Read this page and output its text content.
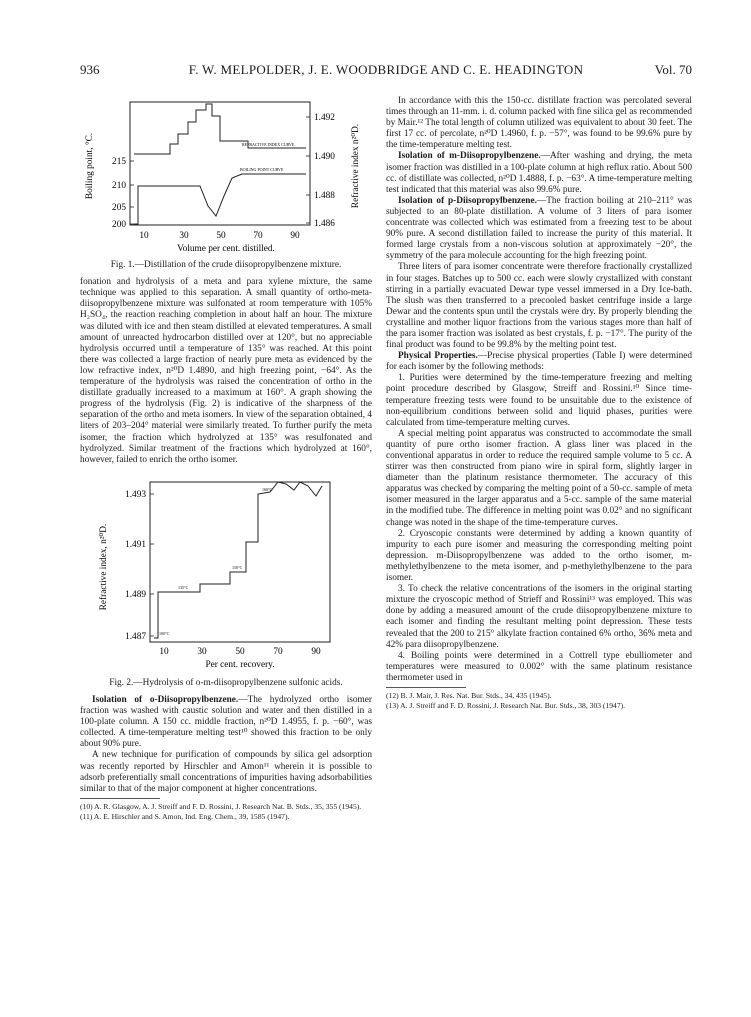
936	F. W. MELPOLDER, J. E. WOODBRIDGE AND C. E. HEADINGTON	Vol. 70
REFRACTIVE INDEX CURVE
BOILING POINT CURVE
215
210
205
200
1.492
1.490
1.488
1.486
10	30	50	70	90
Volume per cent. distilled.
Boiling point, °C.	Refractive index n²⁰D.
Fig. 1.—Distillation of the crude diisopropylbenzene mixture.

fonation and hydrolysis of a meta and para xylene mixture, the same technique was applied to this separation. A small quantity of ortho-meta-diisopropylbenzene mixture was sulfonated at room temperature with 105% H₂SO₄, the reaction reaching completion in about half an hour. The mixture was diluted with ice and then steam distilled at elevated temperatures. A small amount of unreacted hydrocarbon distilled over at 120°, but no appreciable hydrolysis occurred until a temperature of 135° was reached. At this point there was collected a large fraction of nearly pure meta as evidenced by the low refractive index, n²⁰D 1.4890, and high freezing point, −64°. As the temperature of the hydrolysis was raised the concentration of ortho in the distillate gradually increased to a maximum at 160°. A graph showing the progress of the hydrolysis (Fig. 2) is indicative of the sharpness of the separation of the ortho and meta isomers. In view of the separation obtained, 4 liters of 203–204° material were similarly treated. To further purify the meta isomer, the fraction which hydrolyzed at 135° was resulfonated and hydrolyzed. Similar treatment of the fractions which hydrolyzed at 160°, however, failed to enrich the ortho isomer.

100°C
135°C
150°C
160°C
1.493
1.491
1.489
1.487
10	30	50	70	90
Per cent. recovery.
Refractive index, n²⁰D.
Fig. 2.—Hydrolysis of o-m-diisopropylbenzene sulfonic acids.

Isolation of o-Diisopropylbenzene.—The hydrolyzed ortho isomer fraction was washed with caustic solution and water and then distilled in a 100-plate column. A 150 cc. middle fraction, n²⁰D 1.4955, f. p. −60°, was collected. A time-temperature melting test¹⁰ showed this fraction to be only about 90% pure.

A new technique for purification of compounds by silica gel adsorption was recently reported by Hirschler and Amon¹¹ wherein it is possible to adsorb preferentially small concentrations of impurities having adsorbabilities similar to that of the major component at higher concentrations.

(10) A. R. Glasgow, A. J. Streiff and F. D. Rossini, J. Research Nat. B. Stds., 35, 355 (1945).

(11) A. E. Hirschler and S. Amon, Ind. Eng. Chem., 39, 1585 (1947).

In accordance with this the 150-cc. distillate fraction was percolated several times through an 11-mm. i. d. column packed with fine silica gel as recommended by Mair.¹² The total length of column utilized was equivalent to about 30 feet. The first 17 cc. of percolate, n²⁰D 1.4960, f. p. −57°, was found to be 99.6% pure by the time-temperature melting test.

Isolation of m-Diisopropylbenzene.—After washing and drying, the meta isomer fraction was distilled in a 100-plate column at high reflux ratio. About 500 cc. of distillate was collected, n²⁰D 1.4888, f. p. −63°. A time-temperature melting test indicated that this material was also 99.6% pure.

Isolation of p-Diisopropylbenzene.—The fraction boiling at 210–211° was subjected to an 80-plate distillation. A volume of 3 liters of para isomer concentrate was collected which was estimated from a freezing test to be about 90% pure. A second distillation failed to increase the purity of this material. It formed large crystals from a non-viscous solution at approximately −20°, the symmetry of the para molecule accounting for the high freezing point.

Three liters of para isomer concentrate were therefore fractionally crystallized in four stages. Batches up to 500 cc. each were slowly crystallized with constant stirring in a partially evacuated Dewar type vessel immersed in a Dry Ice-bath. The slush was then transferred to a precooled basket centrifuge inside a large Dewar and the contents spun until the crystals were dry. By properly blending the crystalline and mother liquor fractions from the various stages more than half of the para isomer fraction was isolated as best crystals, f. p. −17°. The purity of the final product was found to be 99.8% by the melting point test.

Physical Properties.—Precise physical properties (Table I) were determined for each isomer by the following methods:

1. Purities were determined by the time-temperature freezing and melting point procedure described by Glasgow, Streiff and Rossini.¹⁰ Since time-temperature freezing tests were found to be unsuitable due to the existence of non-equilibrium conditions between solid and liquid phases, purities were calculated from time-temperature melting curves.

A special melting point apparatus was constructed to accommodate the small quantity of pure ortho isomer fraction. A glass liner was placed in the conventional apparatus in order to reduce the required sample volume to 5 cc. A stirrer was then constructed from piano wire in spiral form, slightly larger in diameter than the platinum resistance thermometer. The accuracy of this apparatus was checked by comparing the melting point of a 50-cc. sample of meta isomer measured in the larger apparatus and a 5-cc. sample of the same material in the modified tube. The difference in melting point was 0.02° and no significant change was noted in the shape of the time-temperature curves.

2. Cryoscopic constants were determined by adding a known quantity of impurity to each pure isomer and measuring the corresponding melting point depression. m-Diisopropylbenzene was added to the ortho isomer, m-methylethylbenzene to the meta isomer, and p-methylethylbenzene to the para isomer.

3. To check the relative concentrations of the isomers in the original starting mixture the cryoscopic method of Strieff and Rossini¹³ was employed. This was done by adding a measured amount of the crude diisopropylbenzene mixture to each isomer and finding the resultant melting point depression. These tests revealed that the 200 to 215° alkylate fraction contained 6% ortho, 36% meta and 42% para diisopropylbenzene.

4. Boiling points were determined in a Cottrell type ebulliometer and temperatures were measured to 0.002° with the same platinum resistance thermometer used in

(12) B. J. Mair, J. Res. Nat. Bur. Stds., 34, 435 (1945).

(13) A. J. Streiff and F. D. Rossini, J. Research Nat. Bur. Stds., 38, 303 (1947).
